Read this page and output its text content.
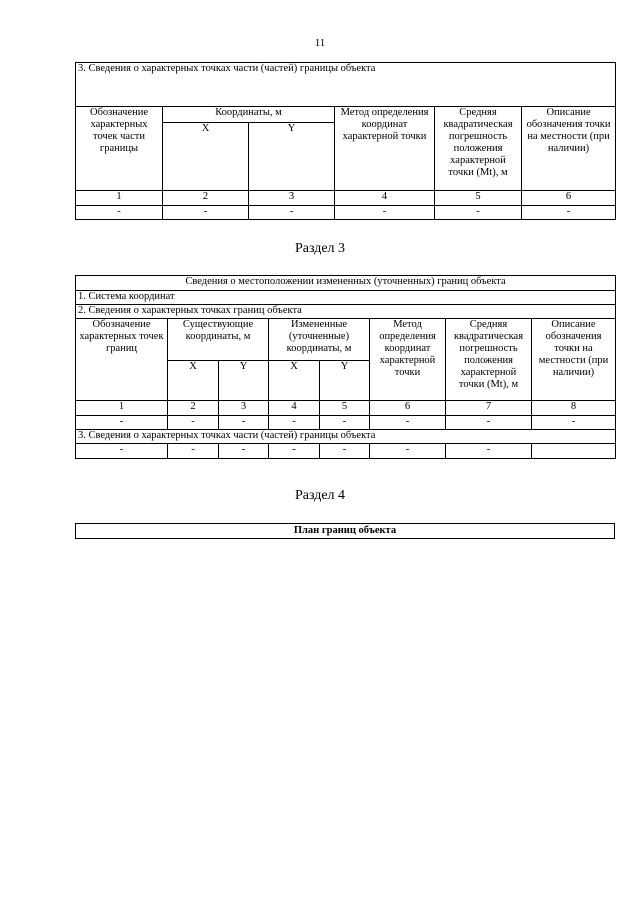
11
3. Сведения о характерных точках части (частей) границы объекта					
Обозначение характерных точек части границы	Координаты, м		Метод определения координат характерной точки	Средняя квадратическая погрешность положения характерной точки (Mt), м	Описание обозначения точки на местности (при наличии)
	X	Y			
1	2	3	4	5	6
-	-	-	-	-	-
Раздел 3
Сведения о местоположении измененных (уточненных) границ объекта							
1. Система координат							
2. Сведения о характерных точках границ объекта							
Обозначение характерных точек границ	Существующие координаты, м		Измененные (уточненные) координаты, м		Метод определения координат характерной точки	Средняя квадратическая погрешность положения характерной точки (Mt), м	Описание обозначения точки на местности (при наличии)
	X	Y	X	Y			
1	2	3	4	5	6	7	8
-	-	-	-	-	-	-	-
3. Сведения о характерных точках части (частей) границы объекта							
-	-	-	-	-	-	-	
Раздел 4
План границ объекта
